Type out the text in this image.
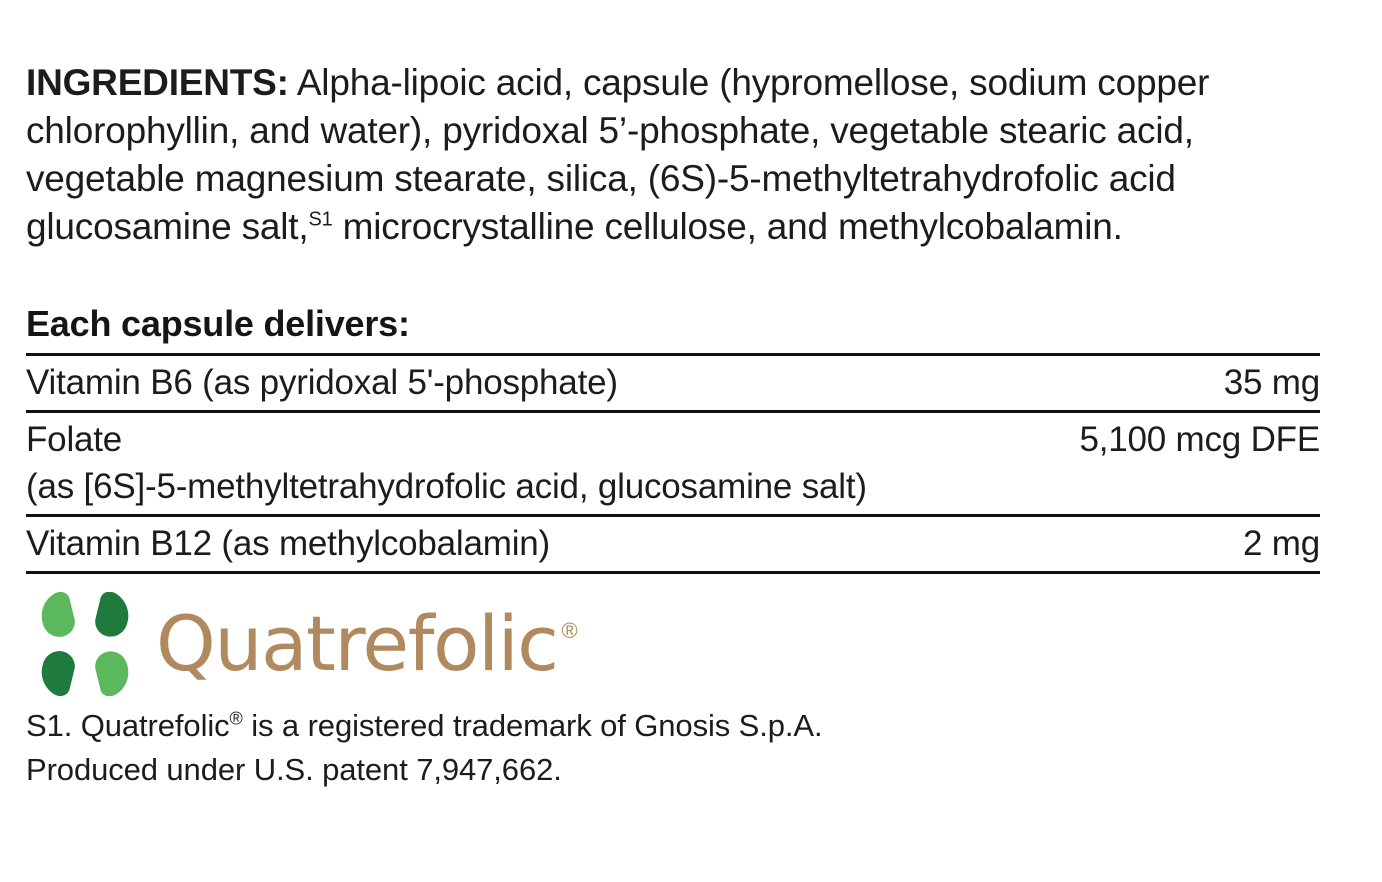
INGREDIENTS: Alpha-lipoic acid, capsule (hypromellose, sodium copper chlorophyllin, and water), pyridoxal 5’-phosphate, vegetable stearic acid, vegetable magnesium stearate, silica, (6S)-5-methyltetrahydrofolic acid glucosamine salt,$^{S1}$ microcrystalline cellulose, and methylcobalamin.

Each capsule delivers:
Vitamin B6 (as pyridoxal 5'-phosphate)	35 mg
Folate	5,100 mcg DFE
(as [6S]-5-methyltetrahydrofolic acid, glucosamine salt)
Vitamin B12 (as methylcobalamin)	2 mg
Quatrefolic ®
S1. Quatrefolic® is a registered trademark of Gnosis S.p.A.
Produced under U.S. patent 7,947,662.
